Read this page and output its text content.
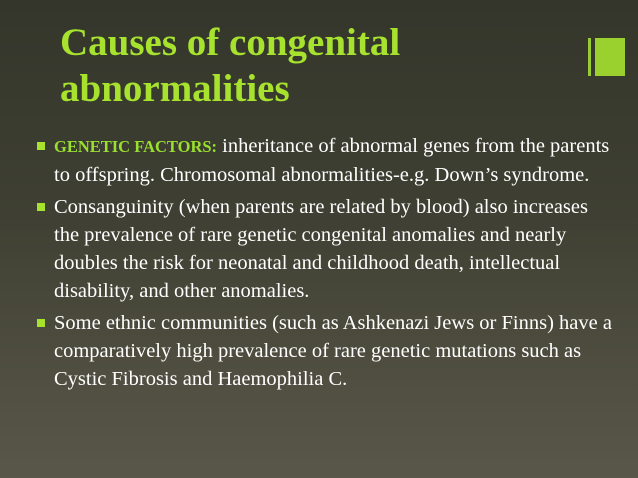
Causes of congenital
abnormalities

GENETIC FACTORS: inheritance of abnormal genes from the parents to offspring. Chromosomal abnormalities-e.g. Down’s syndrome.

Consanguinity (when parents are related by blood) also increases the prevalence of rare genetic congenital anomalies and nearly doubles the risk for neonatal and childhood death, intellectual disability, and other anomalies.

Some ethnic communities (such as Ashkenazi Jews or Finns) have a comparatively high prevalence of rare genetic mutations such as Cystic Fibrosis and Haemophilia C.
